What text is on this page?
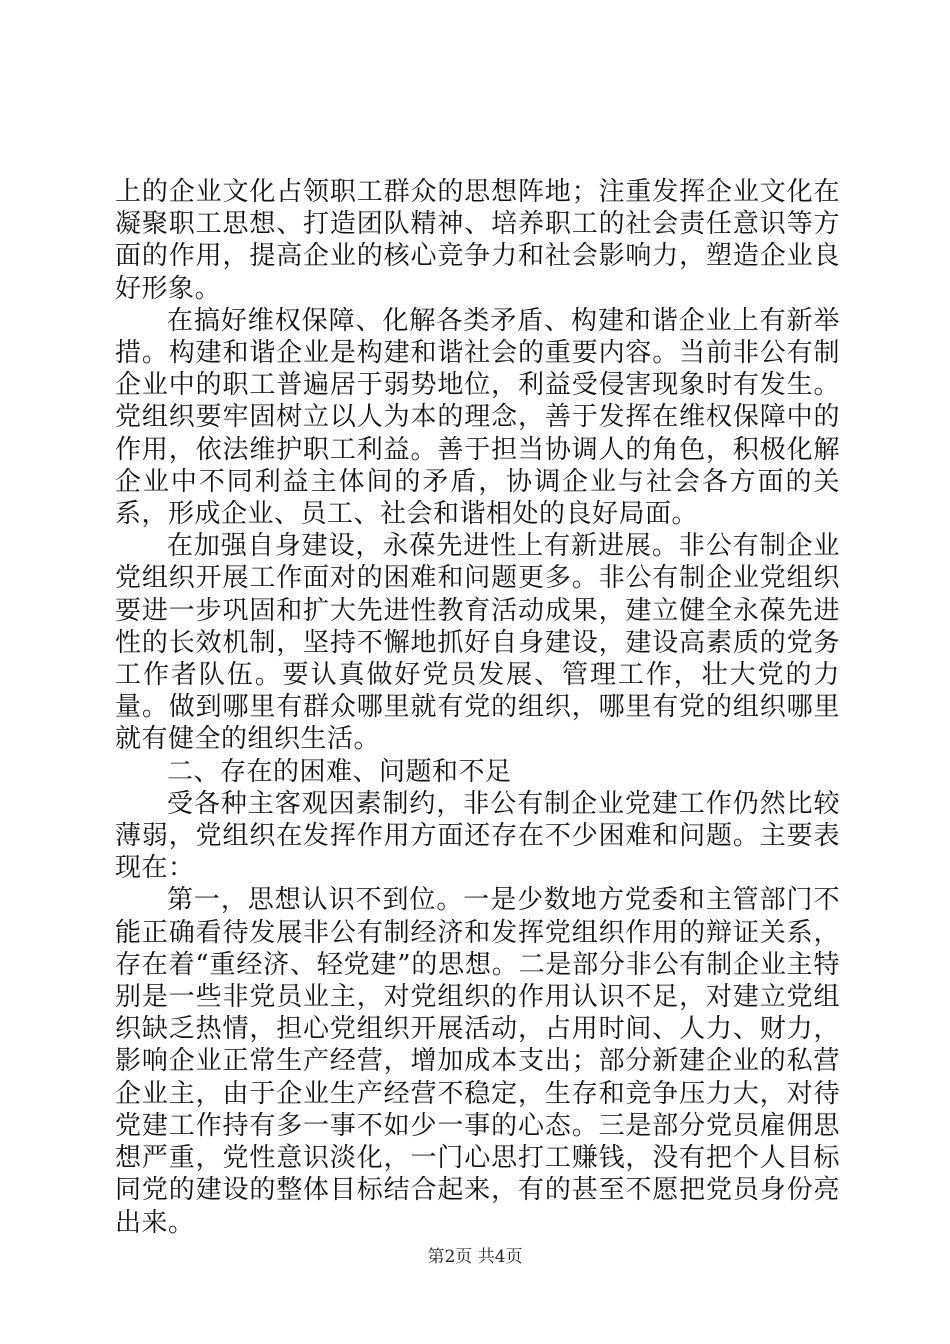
上的企业文化占领职工群众的思想阵地；注重发挥企业文化在凝聚职工思想、打造团队精神、培养职工的社会责任意识等方面的作用，提高企业的核心竞争力和社会影响力，塑造企业良好形象。

在搞好维权保障、化解各类矛盾、构建和谐企业上有新举措。构建和谐企业是构建和谐社会的重要内容。当前非公有制企业中的职工普遍居于弱势地位，利益受侵害现象时有发生。党组织要牢固树立以人为本的理念，善于发挥在维权保障中的作用，依法维护职工利益。善于担当协调人的角色，积极化解企业中不同利益主体间的矛盾，协调企业与社会各方面的关系，形成企业、员工、社会和谐相处的良好局面。

在加强自身建设，永葆先进性上有新进展。非公有制企业党组织开展工作面对的困难和问题更多。非公有制企业党组织要进一步巩固和扩大先进性教育活动成果，建立健全永葆先进性的长效机制，坚持不懈地抓好自身建设，建设高素质的党务工作者队伍。要认真做好党员发展、管理工作，壮大党的力量。做到哪里有群众哪里就有党的组织，哪里有党的组织哪里就有健全的组织生活。

二、存在的困难、问题和不足

受各种主客观因素制约，非公有制企业党建工作仍然比较薄弱，党组织在发挥作用方面还存在不少困难和问题。主要表现在：

第一，思想认识不到位。一是少数地方党委和主管部门不能正确看待发展非公有制经济和发挥党组织作用的辩证关系，存在着“重经济、轻党建”的思想。二是部分非公有制企业主特别是一些非党员业主，对党组织的作用认识不足，对建立党组织缺乏热情，担心党组织开展活动，占用时间、人力、财力，影响企业正常生产经营，增加成本支出；部分新建企业的私营企业主，由于企业生产经营不稳定，生存和竞争压力大，对待党建工作持有多一事不如少一事的心态。三是部分党员雇佣思想严重，党性意识淡化，一门心思打工赚钱，没有把个人目标同党的建设的整体目标结合起来，有的甚至不愿把党员身份亮出来。

第2页 共4页
